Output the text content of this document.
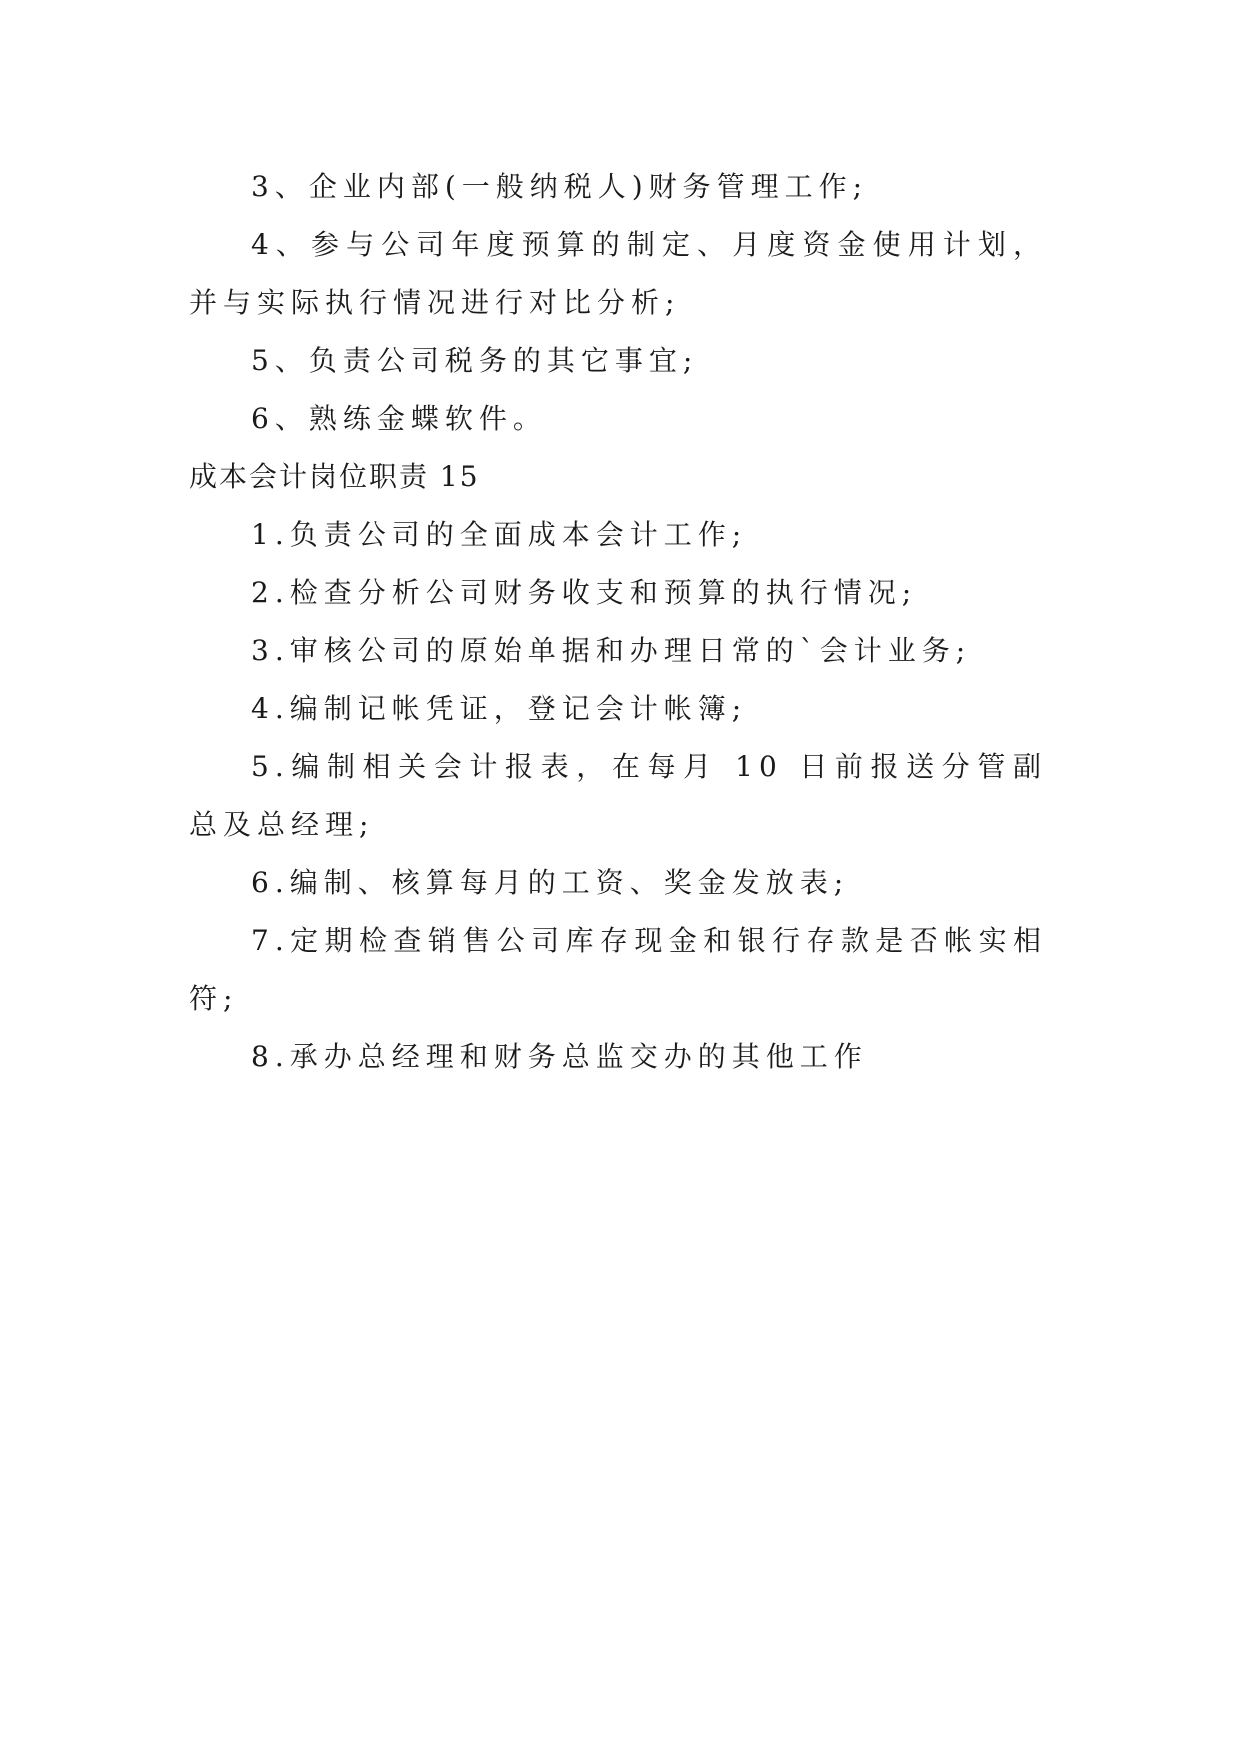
3、企业内部(一般纳税人)财务管理工作;

4、参与公司年度预算的制定、月度资金使用计划，并与实际执行情况进行对比分析;

5、负责公司税务的其它事宜;

6、熟练金蝶软件。

成本会计岗位职责 15

1.负责公司的全面成本会计工作;

2.检查分析公司财务收支和预算的执行情况;

3.审核公司的原始单据和办理日常的`会计业务;

4.编制记帐凭证，登记会计帐簿;

5.编制相关会计报表，在每月 10 日前报送分管副总及总经理;

6.编制、核算每月的工资、奖金发放表;

7.定期检查销售公司库存现金和银行存款是否帐实相符;

8.承办总经理和财务总监交办的其他工作
